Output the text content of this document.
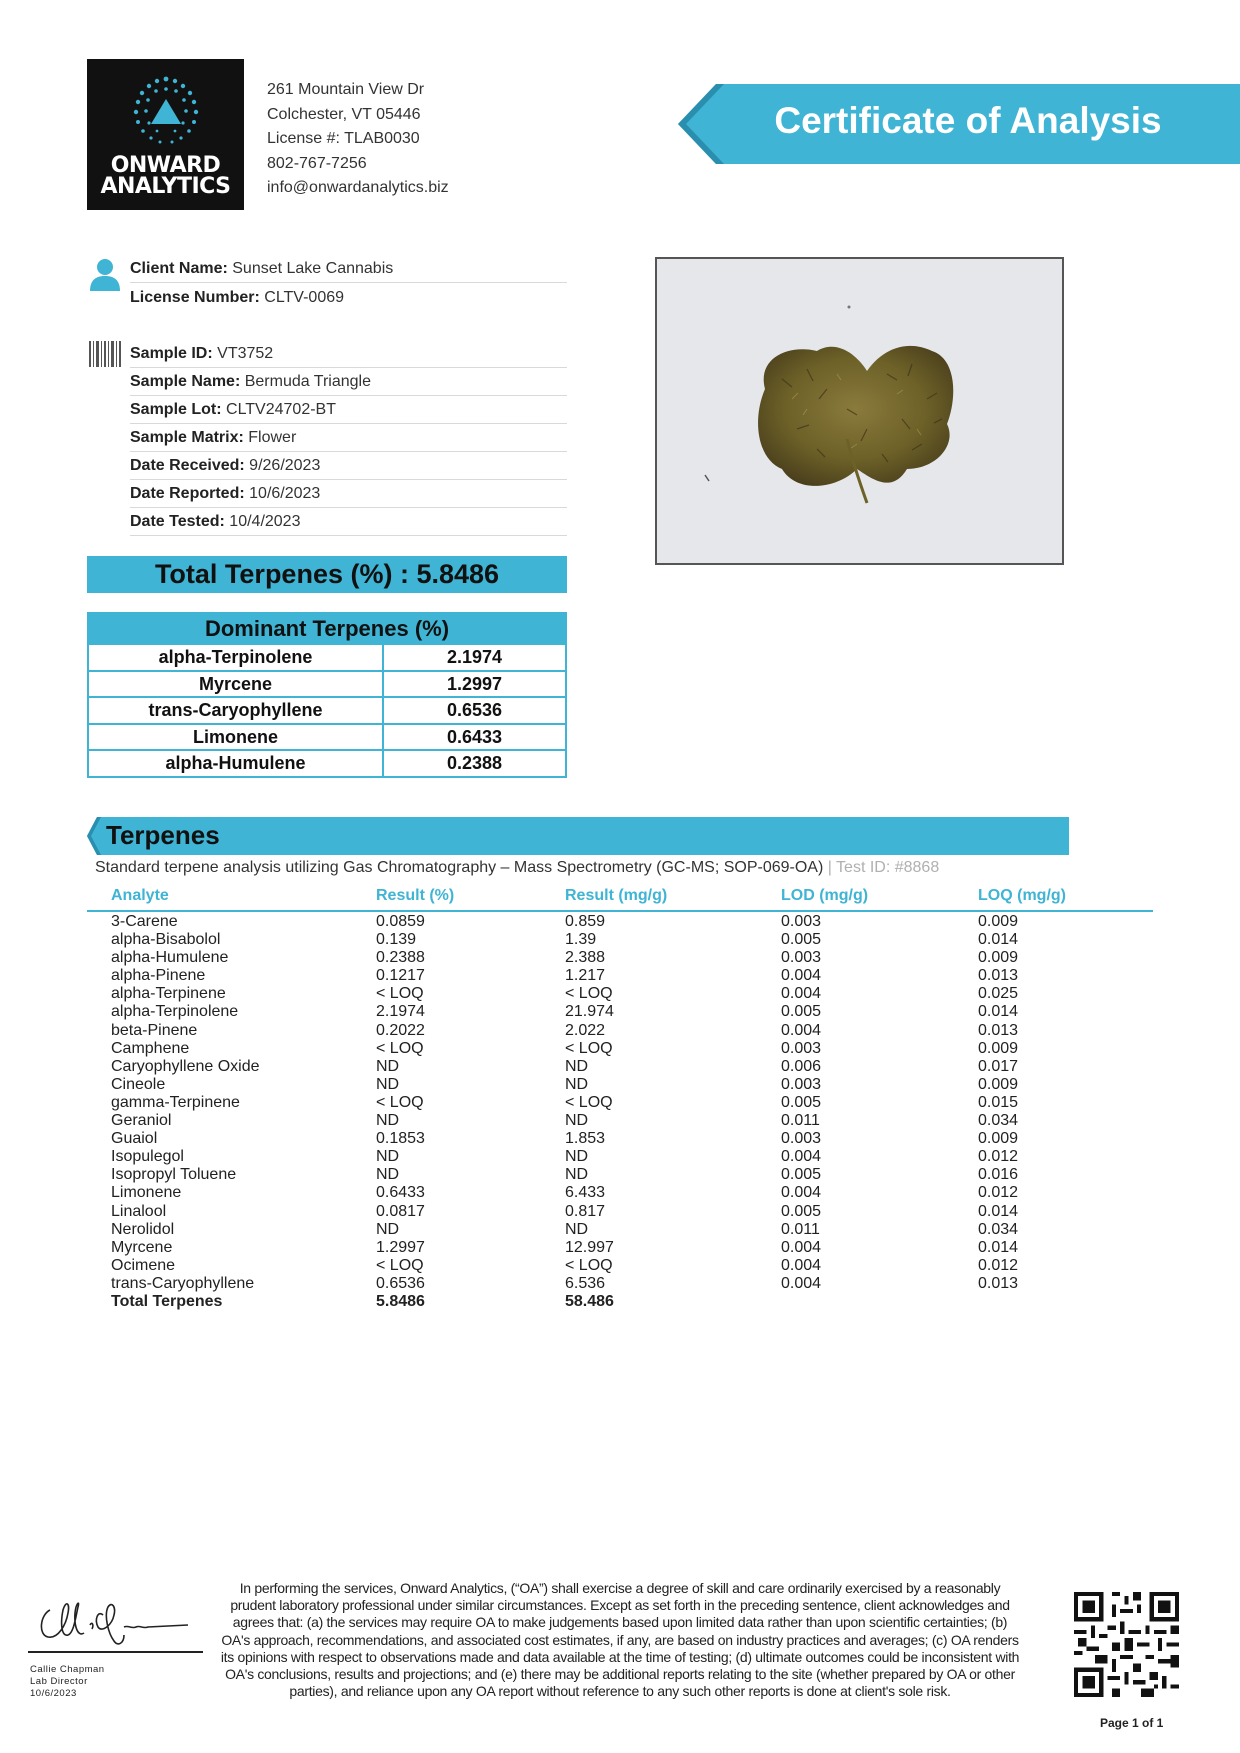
ONWARD
ANALYTICS
261 Mountain View Dr
Colchester, VT 05446
License #: TLAB0030
802-767-7256
info@onwardanalytics.biz
Certificate of Analysis
Client Name: Sunset Lake Cannabis
License Number: CLTV-0069
Sample ID: VT3752
Sample Name: Bermuda Triangle
Sample Lot: CLTV24702-BT
Sample Matrix: Flower
Date Received: 9/26/2023
Date Reported: 10/6/2023
Date Tested: 10/4/2023
Total Terpenes (%) : 5.8486
Dominant Terpenes (%)
alpha-Terpinolene	2.1974
Myrcene	1.2997
trans-Caryophyllene	0.6536
Limonene	0.6433
alpha-Humulene	0.2388
Terpenes
Standard terpene analysis utilizing Gas Chromatography – Mass Spectrometry (GC-MS; SOP-069-OA) | Test ID: #8868
Analyte	Result (%)	Result (mg/g)	LOD (mg/g)	LOQ (mg/g)
3-Carene	0.0859	0.859	0.003	0.009
alpha-Bisabolol	0.139	1.39	0.005	0.014
alpha-Humulene	0.2388	2.388	0.003	0.009
alpha-Pinene	0.1217	1.217	0.004	0.013
alpha-Terpinene	< LOQ	< LOQ	0.004	0.025
alpha-Terpinolene	2.1974	21.974	0.005	0.014
beta-Pinene	0.2022	2.022	0.004	0.013
Camphene	< LOQ	< LOQ	0.003	0.009
Caryophyllene Oxide	ND	ND	0.006	0.017
Cineole	ND	ND	0.003	0.009
gamma-Terpinene	< LOQ	< LOQ	0.005	0.015
Geraniol	ND	ND	0.011	0.034
Guaiol	0.1853	1.853	0.003	0.009
Isopulegol	ND	ND	0.004	0.012
Isopropyl Toluene	ND	ND	0.005	0.016
Limonene	0.6433	6.433	0.004	0.012
Linalool	0.0817	0.817	0.005	0.014
Nerolidol	ND	ND	0.011	0.034
Myrcene	1.2997	12.997	0.004	0.014
Ocimene	< LOQ	< LOQ	0.004	0.012
trans-Caryophyllene	0.6536	6.536	0.004	0.013
Total Terpenes	5.8486	58.486
Callie Chapman
Lab Director
10/6/2023
In performing the services, Onward Analytics, (“OA”) shall exercise a degree of skill and care ordinarily exercised by a reasonably prudent laboratory professional under similar circumstances. Except as set forth in the preceding sentence, client acknowledges and agrees that: (a) the services may require OA to make judgements based upon limited data rather than upon scientific certainties; (b) OA's approach, recommendations, and associated cost estimates, if any, are based on industry practices and averages; (c) OA renders its opinions with respect to observations made and data available at the time of testing; (d) ultimate outcomes could be inconsistent with OA's conclusions, results and projections; and (e) there may be additional reports relating to the site (whether prepared by OA or other parties), and reliance upon any OA report without reference to any such other reports is done at client's sole risk.
Page 1 of 1
